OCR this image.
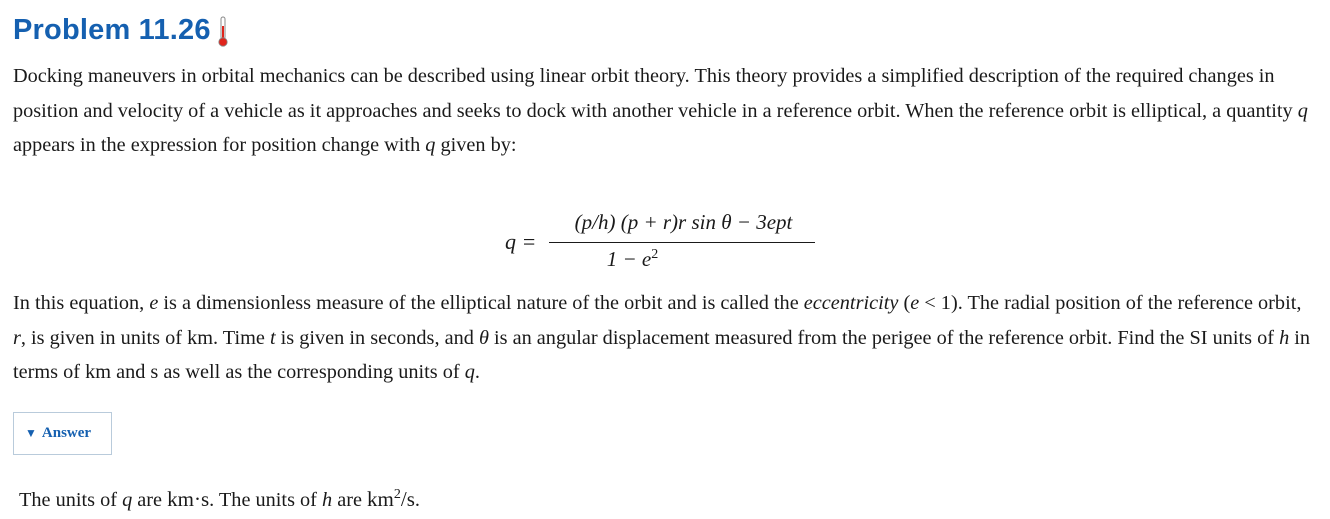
Problem 11.26

Docking maneuvers in orbital mechanics can be described using linear orbit theory. This theory provides a simplified description of the required changes in position and velocity of a vehicle as it approaches and seeks to dock with another vehicle in a reference orbit. When the reference orbit is elliptical, a quantity q appears in the expression for position change with q given by:

q =
(p/h) (p + r)r sin θ − 3ept
$1 - e^2$

In this equation, e is a dimensionless measure of the elliptical nature of the orbit and is called the eccentricity (e < 1). The radial position of the reference orbit, r, is given in units of km. Time t is given in seconds, and θ is an angular displacement measured from the perigee of the reference orbit. Find the SI units of h in terms of km and s as well as the corresponding units of q.

▼ Answer

The units of q are km·s. The units of h are $km^2/s$.
